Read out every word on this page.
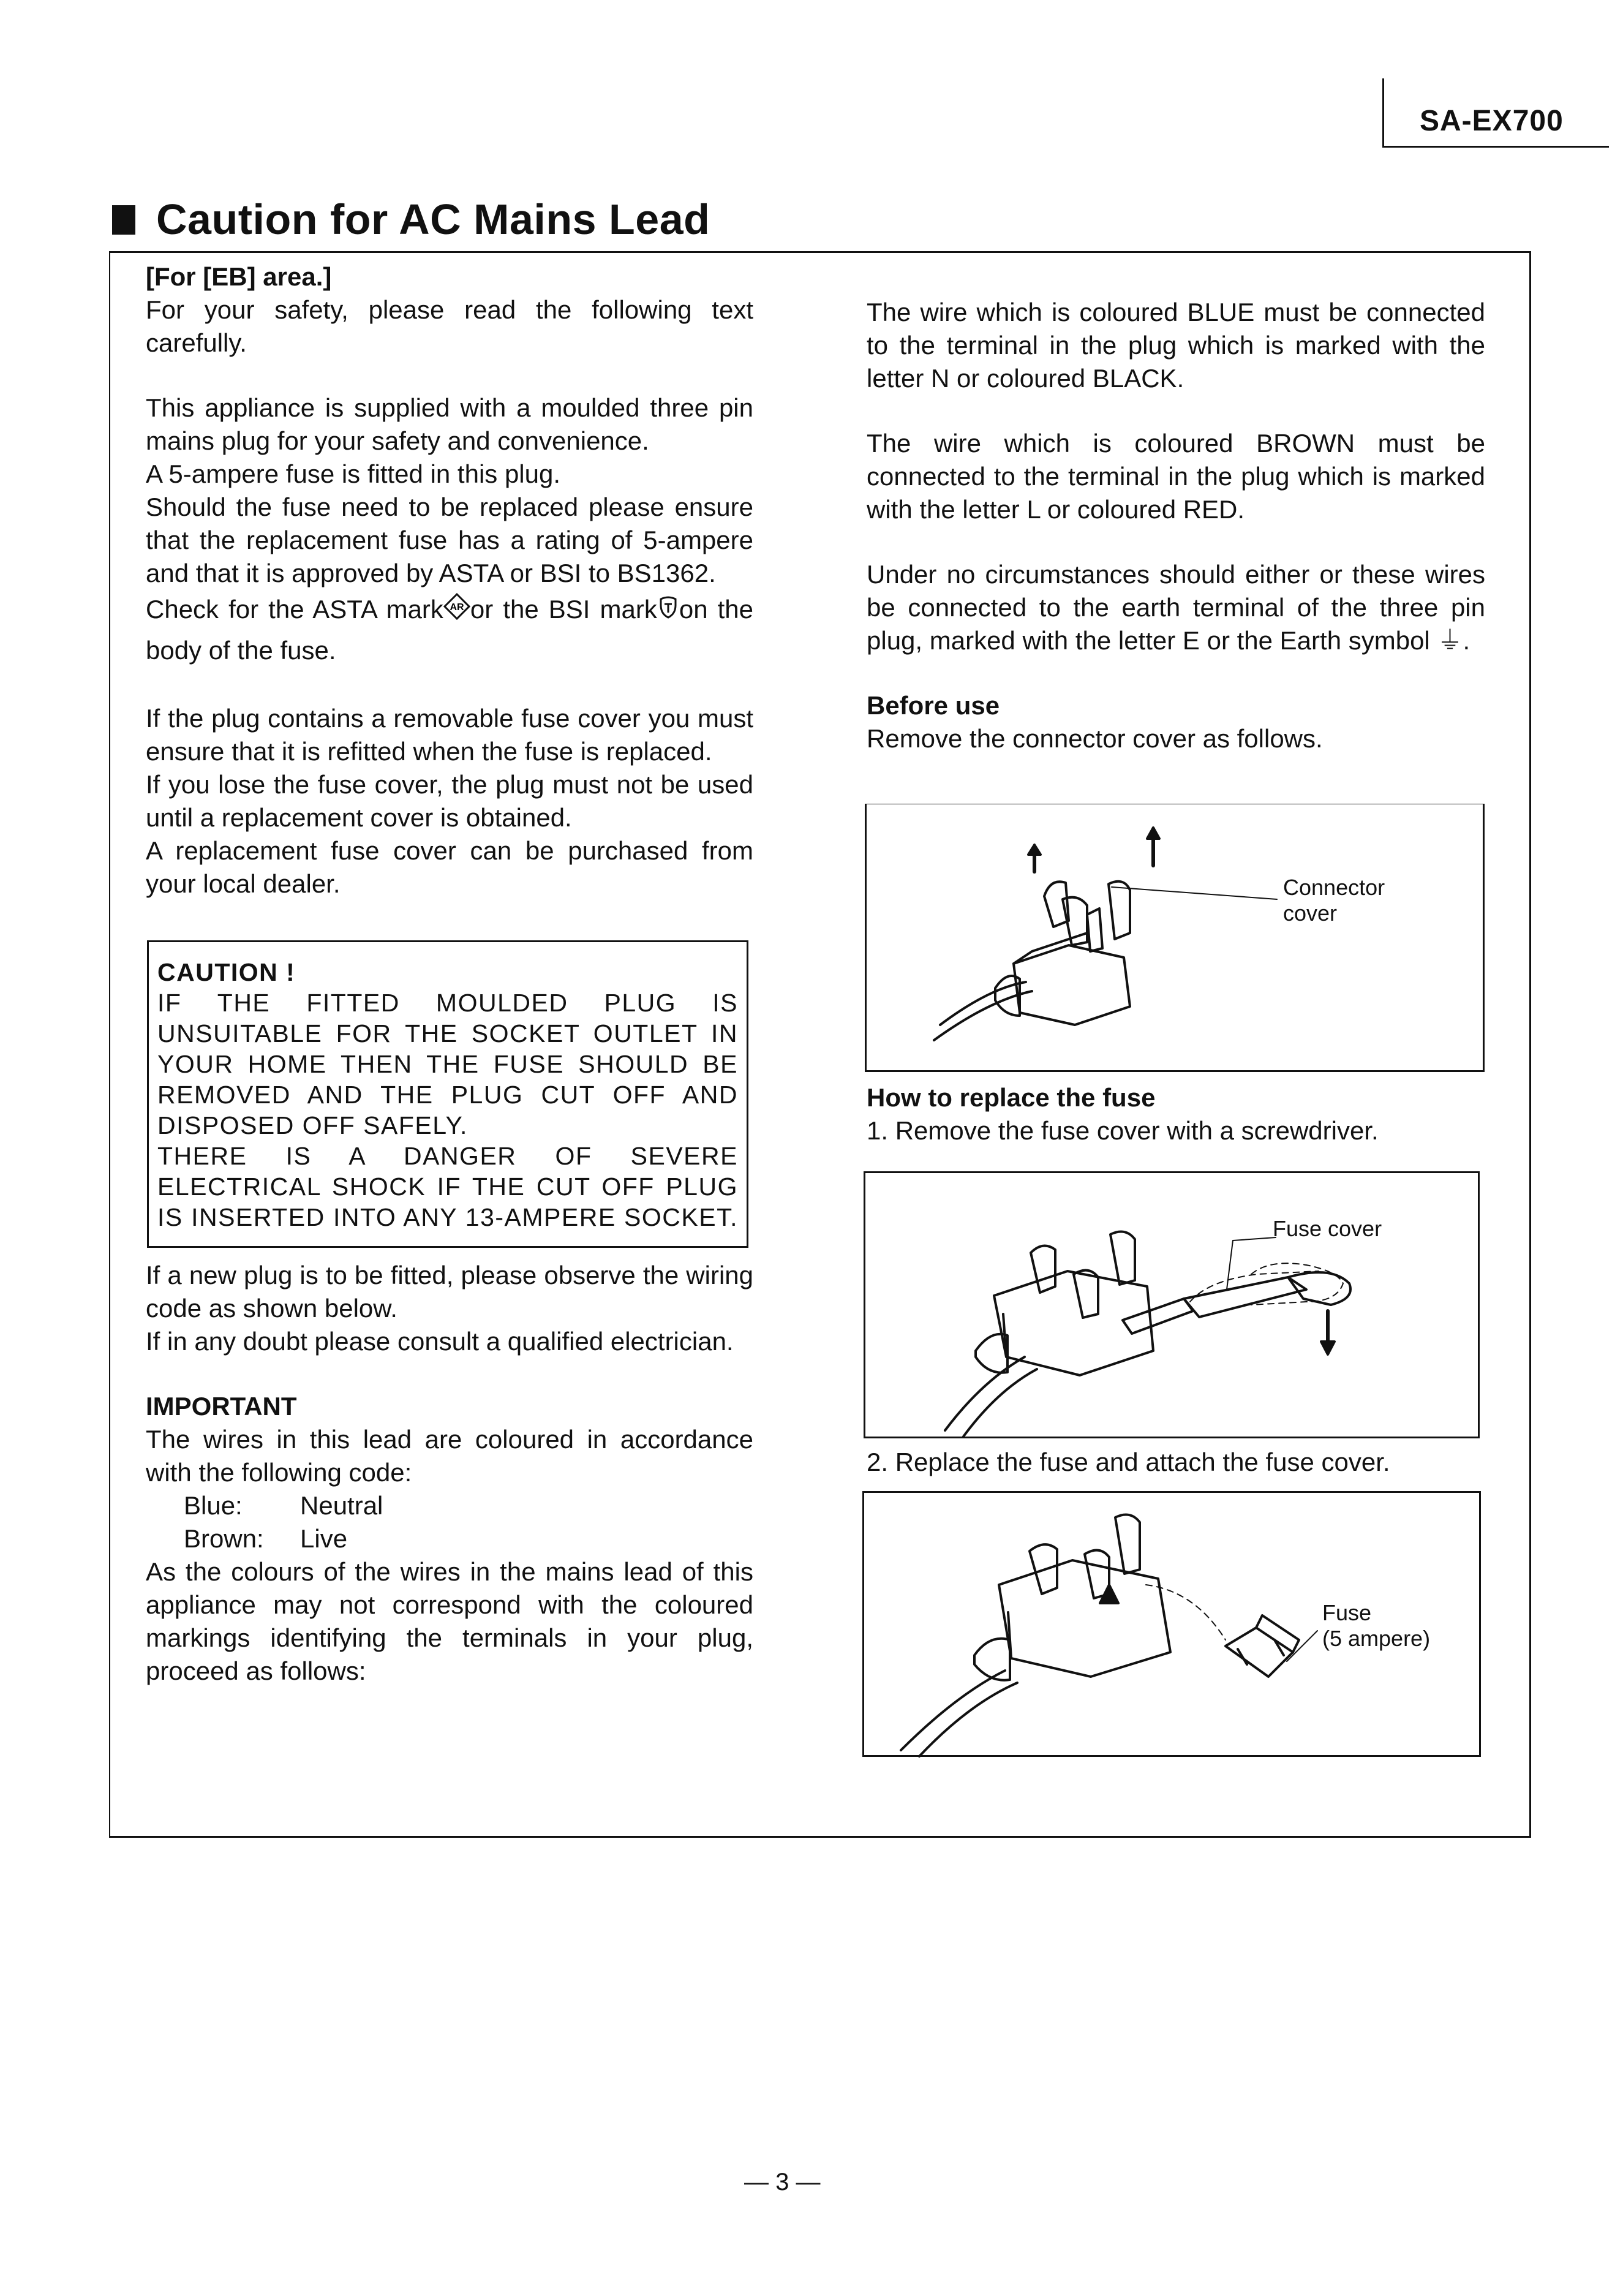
SA-EX700
Caution for AC Mains Lead

[For [EB] area.]

For your safety, please read the following text carefully.

This appliance is supplied with a moulded three pin mains plug for your safety and convenience.

A 5-ampere fuse is fitted in this plug.

Should the fuse need to be replaced please ensure that the replacement fuse has a rating of 5-ampere and that it is approved by ASTA or BSI to BS1362.

Check for the ASTA mark AR or the BSI mark on the body of the fuse.

If the plug contains a removable fuse cover you must ensure that it is refitted when the fuse is replaced.

If you lose the fuse cover, the plug must not be used until a replacement cover is obtained.

A replacement fuse cover can be purchased from your local dealer.

CAUTION !
IF THE FITTED MOULDED PLUG IS
UNSUITABLE FOR THE SOCKET OUTLET IN
YOUR HOME THEN THE FUSE SHOULD BE
REMOVED AND THE PLUG CUT OFF AND
DISPOSED OFF SAFELY.
THERE IS A DANGER OF SEVERE
ELECTRICAL SHOCK IF THE CUT OFF PLUG
IS INSERTED INTO ANY 13-AMPERE SOCKET.

If a new plug is to be fitted, please observe the wiring code as shown below.

If in any doubt please consult a qualified electrician.

IMPORTANT

The wires in this lead are coloured in accordance with the following code:

Blue: Neutral

Brown: Live

As the colours of the wires in the mains lead of this appliance may not correspond with the coloured markings identifying the terminals in your plug, proceed as follows:

The wire which is coloured BLUE must be connected to the terminal in the plug which is marked with the letter N or coloured BLACK.

The wire which is coloured BROWN must be connected to the terminal in the plug which is marked with the letter L or coloured RED.

Under no circumstances should either or these wires be connected to the earth terminal of the three pin plug, marked with the letter E or the Earth symbol ⏚.

Before use

Remove the connector cover as follows.

Connector
cover

How to replace the fuse

1. Remove the fuse cover with a screwdriver.

Fuse cover

2. Replace the fuse and attach the fuse cover.

Fuse
(5 ampere)
— 3 —
